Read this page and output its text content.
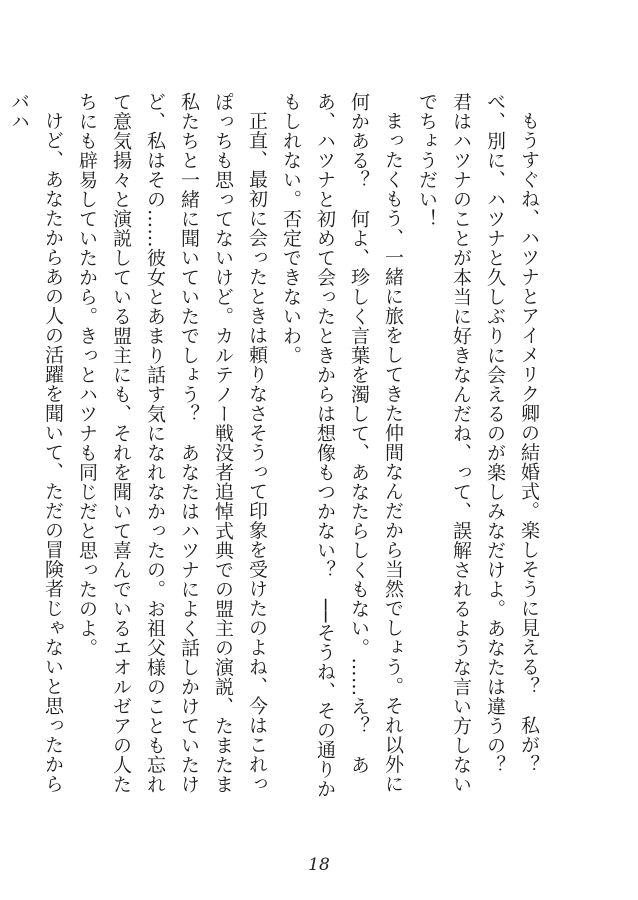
もうすぐね、ハツナとアイメリク卿の結婚式。楽しそうに見える？　私が？　べ、別に、ハツナと久しぶりに会えるのが楽しみなだけよ。あなたは違うの？　君はハツナのことが本当に好きなんだね、って、誤解されるような言い方しないでちょうだい！

まったくもう、一緒に旅をしてきた仲間なんだから当然でしょう。それ以外に何かある？　何よ、珍しく言葉を濁して、あなたらしくもない。……え？　ああ、ハツナと初めて会ったときからは想像もつかない？　──そうね、その通りかもしれない。否定できないわ。

正直、最初に会ったときは頼りなさそうって印象を受けたのよね、今はこれっぽっちも思ってないけど。カルテノー戦没者追悼式典での盟主の演説、たまたま私たちと一緒に聞いていたでしょう？　あなたはハツナによく話しかけていたけど、私はその……彼女とあまり話す気になれなかったの。お祖父様のことも忘れて意気揚々と演説している盟主にも、それを聞いて喜んでいるエオルゼアの人たちにも辟易していたから。きっとハツナも同じだと思ったのよ。

けど、あなたからあの人の活躍を聞いて、ただの冒険者じゃないと思ったからバハ

18
